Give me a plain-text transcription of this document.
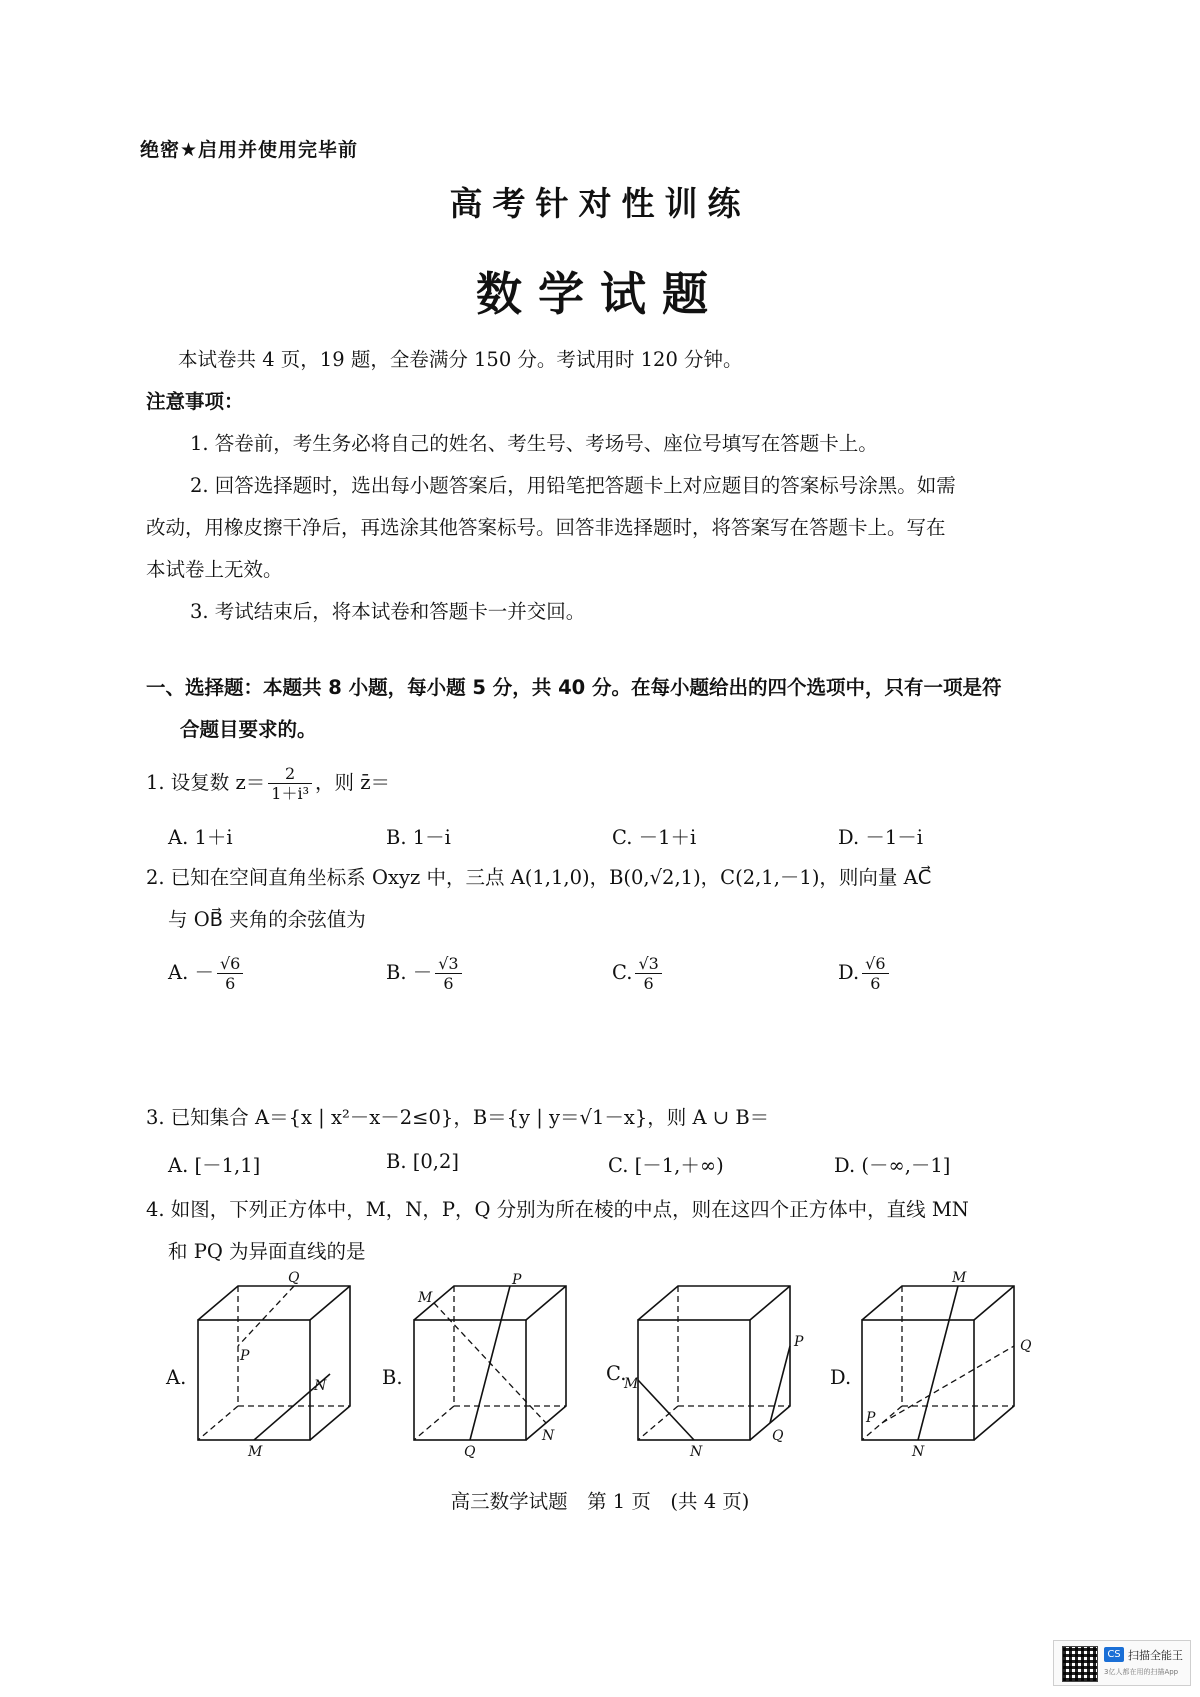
绝密★启用并使用完毕前
高考针对性训练
数学试题
本试卷共 4 页，19 题，全卷满分 150 分。考试用时 120 分钟。
注意事项：
1. 答卷前，考生务必将自己的姓名、考生号、考场号、座位号填写在答题卡上。
2. 回答选择题时，选出每小题答案后，用铅笔把答题卡上对应题目的答案标号涂黑。如需
改动，用橡皮擦干净后，再选涂其他答案标号。回答非选择题时，将答案写在答题卡上。写在
本试卷上无效。
3. 考试结束后，将本试卷和答题卡一并交回。
一、选择题：本题共 8 小题，每小题 5 分，共 40 分。在每小题给出的四个选项中，只有一项是符
合题目要求的。
1. 设复数 $z= \frac{2}{\text{1＋i³}}$ ，则 z̄＝
A. 1＋i	B. 1－i	C. －1＋i	D. －1－i
2. 已知在空间直角坐标系 Oxyz 中，三点 A(1,1,0)，B(0,√2,1)，C(2,1,－1)，则向量 AC⃗
与 OB⃗ 夹角的余弦值为
A. － $\frac{√6}{6}$	B. － $\frac{√3}{6}$	C. $\frac{√3}{6}$	D. $\frac{√6}{6}$
3. 已知集合 A＝{x | x²－x－2≤0}，B＝{y | y＝√1－x}，则 A ∪ B＝
A. [－1,1]	B. [0,2]	C. [－1,＋∞)	D. (－∞,－1]
4. 如图，下列正方体中，M，N，P，Q 分别为所在棱的中点，则在这四个正方体中，直线 MN
和 PQ 为异面直线的是
A.
Q
P
N
M
B.
M
P
Q
N
C.
M
P
Q
N
D.
M
Q
P
N
高三数学试题　第 1 页　(共 4 页)
CS 扫描全能王
3亿人都在用的扫描App
